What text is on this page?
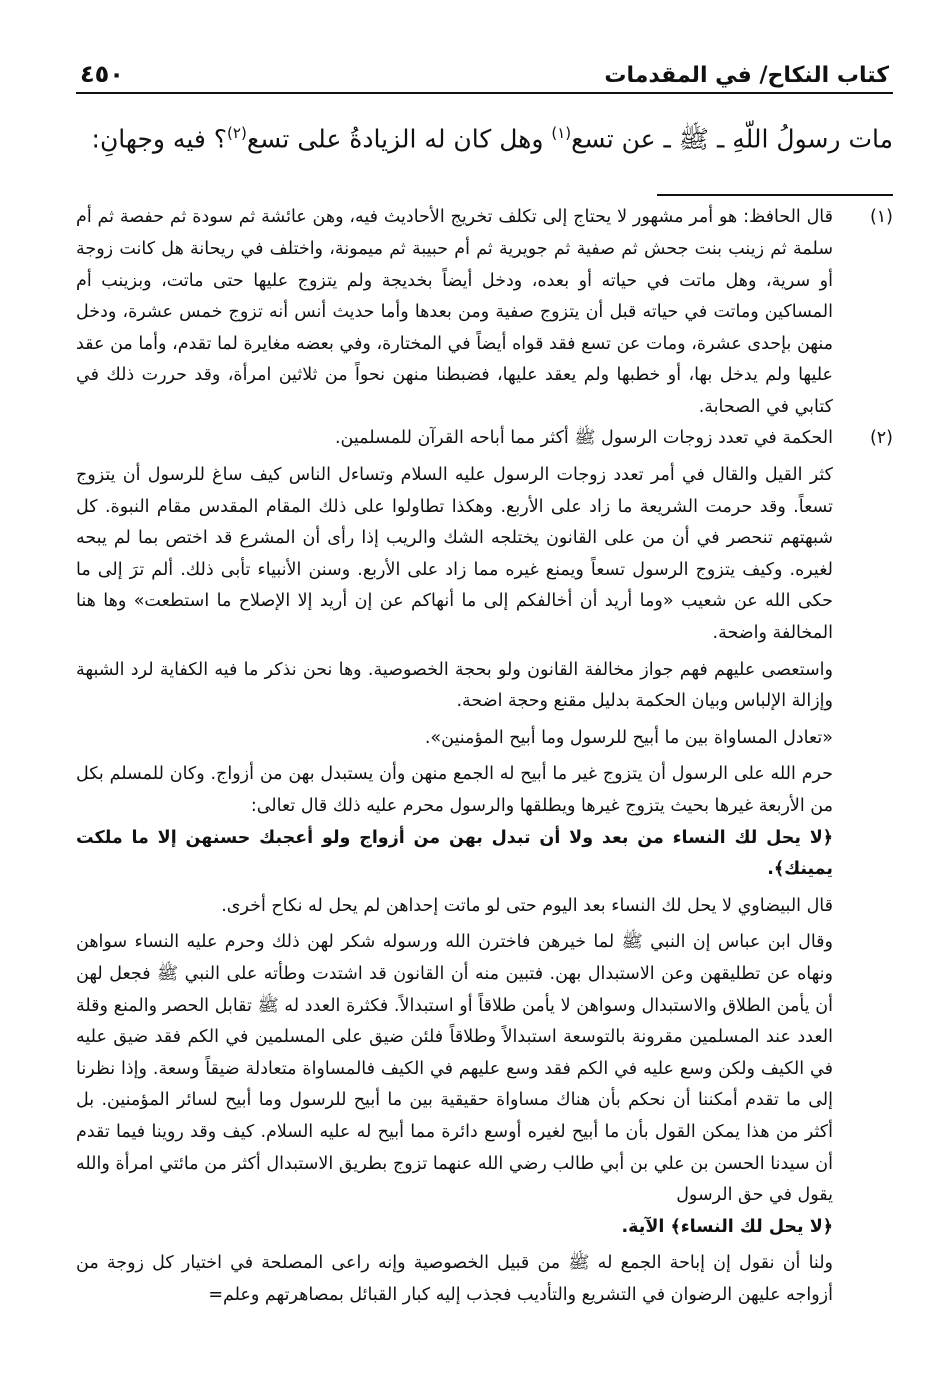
كتاب النكاح/ في المقدمات
٤٥٠
مات رسولُ اللّهِ ـ ﷺ ـ عن تسع$^{(١)}$ وهل كان له الزيادةُ على تسع$^{(٢)}$؟ فيه وجهانِ:
(١)

قال الحافظ: هو أمر مشهور لا يحتاج إلى تكلف تخريج الأحاديث فيه، وهن عائشة ثم سودة ثم حفصة ثم أم سلمة ثم زينب بنت جحش ثم صفية ثم جويرية ثم أم حبيبة ثم ميمونة، واختلف في ريحانة هل كانت زوجة أو سرية، وهل ماتت في حياته أو بعده، ودخل أيضاً بخديجة ولم يتزوج عليها حتى ماتت، وبزينب أم المساكين وماتت في حياته قبل أن يتزوج صفية ومن بعدها وأما حديث أنس أنه تزوج خمس عشرة، ودخل منهن بإحدى عشرة، ومات عن تسع فقد قواه أيضاً في المختارة، وفي بعضه مغايرة لما تقدم، وأما من عقد عليها ولم يدخل بها، أو خطبها ولم يعقد عليها، فضبطنا منهن نحواً من ثلاثين امرأة، وقد حررت ذلك في كتابي في الصحابة.

(٢)

الحكمة في تعدد زوجات الرسول ﷺ أكثر مما أباحه القرآن للمسلمين.

كثر القيل والقال في أمر تعدد زوجات الرسول عليه السلام وتساءل الناس كيف ساغ للرسول أن يتزوج تسعاً. وقد حرمت الشريعة ما زاد على الأربع. وهكذا تطاولوا على ذلك المقام المقدس مقام النبوة. كل شبهتهم تنحصر في أن من على القانون يختلجه الشك والريب إذا رأى أن المشرع قد اختص بما لم يبحه لغيره. وكيف يتزوج الرسول تسعاً ويمنع غيره مما زاد على الأربع. وسنن الأنبياء تأبى ذلك. ألم ترَ إلى ما حكى الله عن شعيب «وما أريد أن أخالفكم إلى ما أنهاكم عن إن أريد إلا الإصلاح ما استطعت» وها هنا المخالفة واضحة.

واستعصى عليهم فهم جواز مخالفة القانون ولو بحجة الخصوصية. وها نحن نذكر ما فيه الكفاية لرد الشبهة وإزالة الإلباس وبيان الحكمة بدليل مقنع وحجة اضحة.

«تعادل المساواة بين ما أبيح للرسول وما أبيح المؤمنين».

حرم الله على الرسول أن يتزوج غير ما أبيح له الجمع منهن وأن يستبدل بهن من أزواج. وكان للمسلم بكل من الأربعة غيرها بحيث يتزوج غيرها ويطلقها والرسول محرم عليه ذلك قال تعالى:

﴿لا يحل لك النساء من بعد ولا أن تبدل بهن من أزواج ولو أعجبك حسنهن إلا ما ملكت يمينك﴾.

قال البيضاوي لا يحل لك النساء بعد اليوم حتى لو ماتت إحداهن لم يحل له نكاح أخرى.

وقال ابن عباس إن النبي ﷺ لما خيرهن فاخترن الله ورسوله شكر لهن ذلك وحرم عليه النساء سواهن ونهاه عن تطليقهن وعن الاستبدال بهن. فتبين منه أن القانون قد اشتدت وطأته على النبي ﷺ فجعل لهن أن يأمن الطلاق والاستبدال وسواهن لا يأمن طلاقاً أو استبدالاً. فكثرة العدد له ﷺ تقابل الحصر والمنع وقلة العدد عند المسلمين مقرونة بالتوسعة استبدالاً وطلاقاً فلئن ضيق على المسلمين في الكم فقد ضيق عليه في الكيف ولكن وسع عليه في الكم فقد وسع عليهم في الكيف فالمساواة متعادلة ضيقاً وسعة. وإذا نظرنا إلى ما تقدم أمكننا أن نحكم بأن هناك مساواة حقيقية بين ما أبيح للرسول وما أبيح لسائر المؤمنين. بل أكثر من هذا يمكن القول بأن ما أبيح لغيره أوسع دائرة مما أبيح له عليه السلام. كيف وقد روينا فيما تقدم أن سيدنا الحسن بن علي بن أبي طالب رضي الله عنهما تزوج بطريق الاستبدال أكثر من مائتي امرأة والله يقول في حق الرسول

﴿لا يحل لك النساء﴾ الآية.

ولنا أن نقول إن إباحة الجمع له ﷺ من قبيل الخصوصية وإنه راعى المصلحة في اختيار كل زوجة من أزواجه عليهن الرضوان في التشريع والتأديب فجذب إليه كبار القبائل بمصاهرتهم وعلم=
